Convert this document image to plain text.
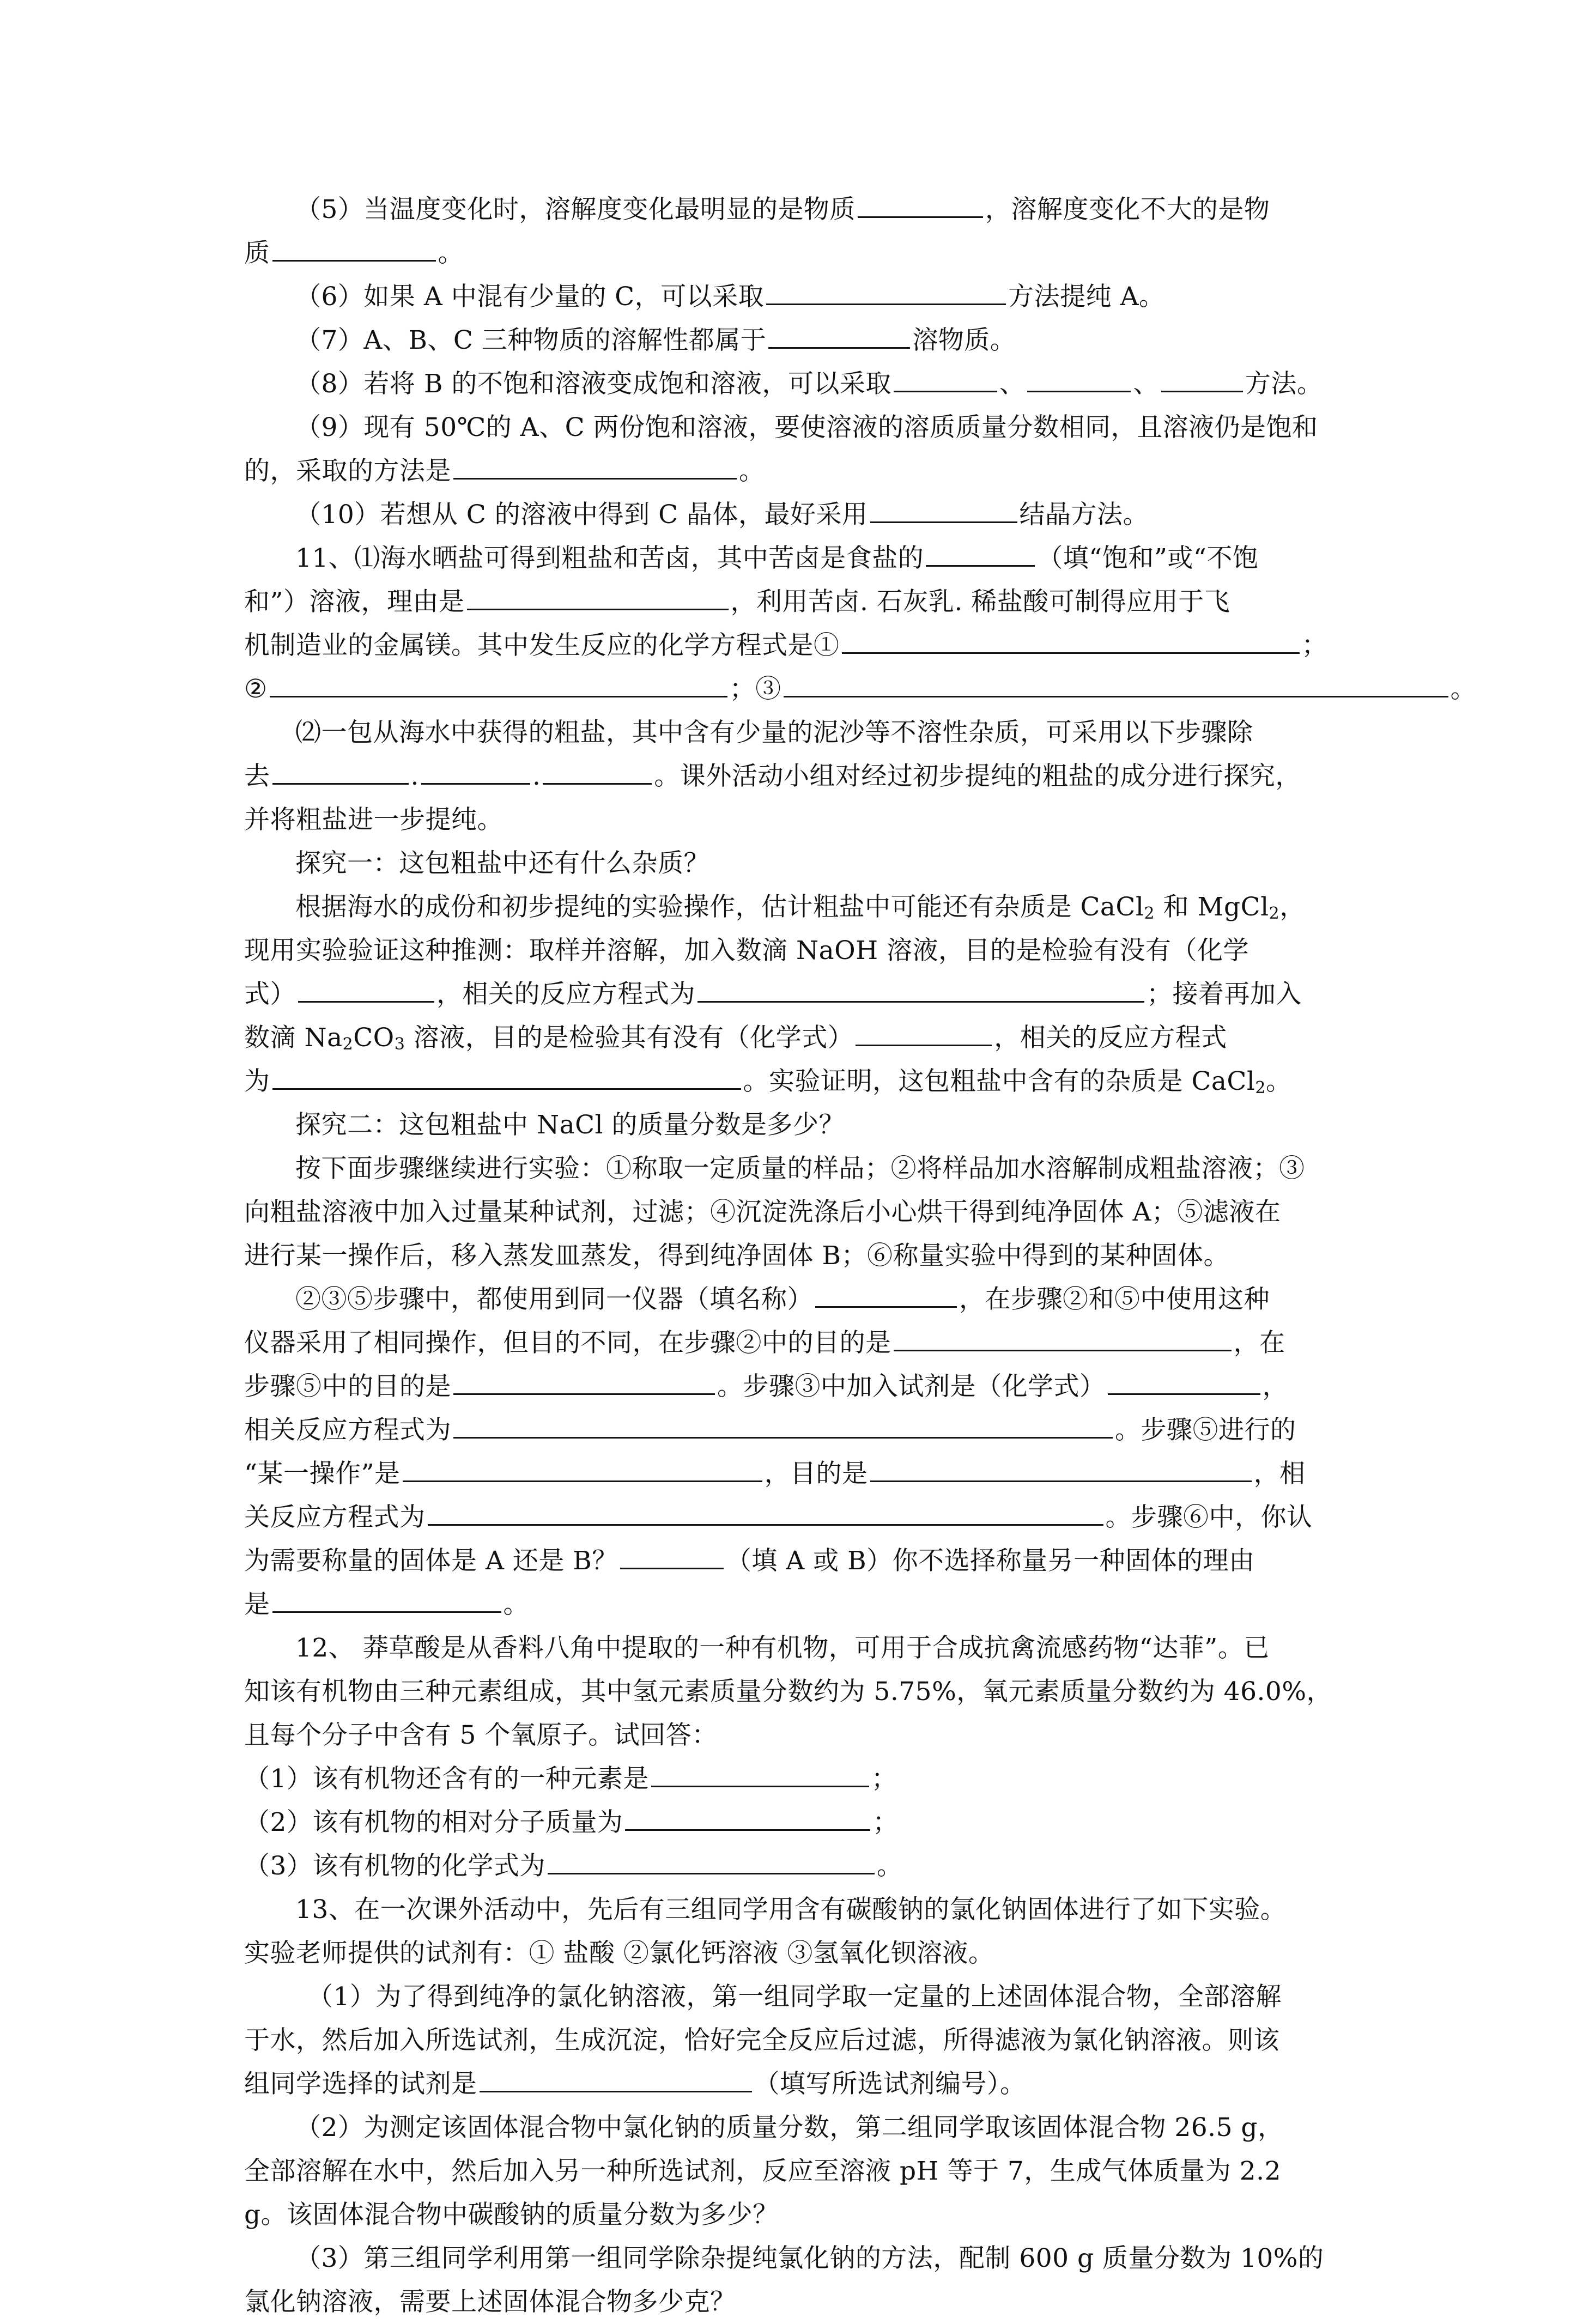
（5）当温度变化时，溶解度变化最明显的是物质	，溶解度变化不大的是物
质	。
（6）如果 A 中混有少量的 C，可以采取	方法提纯 A。
（7）A、B、C 三种物质的溶解性都属于	溶物质。
（8）若将 B 的不饱和溶液变成饱和溶液，可以采取	、	、	方法。
（9）现有 50℃的 A、C 两份饱和溶液，要使溶液的溶质质量分数相同，且溶液仍是饱和
的，采取的方法是	。
（10）若想从 C 的溶液中得到 C 晶体，最好采用	结晶方法。
11、⑴海水晒盐可得到粗盐和苦卤，其中苦卤是食盐的	（填“饱和”或“不饱
和”）溶液，理由是	，利用苦卤. 石灰乳. 稀盐酸可制得应用于飞
机制造业的金属镁。其中发生反应的化学方程式是①	；
②	；③	。
⑵一包从海水中获得的粗盐，其中含有少量的泥沙等不溶性杂质，可采用以下步骤除
去	.	.	。课外活动小组对经过初步提纯的粗盐的成分进行探究，
并将粗盐进一步提纯。
探究一：这包粗盐中还有什么杂质？
根据海水的成份和初步提纯的实验操作，估计粗盐中可能还有杂质是 CaCl$_2$ 和 MgCl$_2$，
现用实验验证这种推测：取样并溶解，加入数滴 NaOH 溶液，目的是检验有没有（化学
式）	，相关的反应方程式为	；接着再加入
数滴 $Na_2CO_3$ 溶液，目的是检验其有没有（化学式）	，相关的反应方程式
为	。实验证明，这包粗盐中含有的杂质是 CaCl$_2$。
探究二：这包粗盐中 NaCl 的质量分数是多少？
按下面步骤继续进行实验：①称取一定质量的样品；②将样品加水溶解制成粗盐溶液；③
向粗盐溶液中加入过量某种试剂，过滤；④沉淀洗涤后小心烘干得到纯净固体 A；⑤滤液在
进行某一操作后，移入蒸发皿蒸发，得到纯净固体 B；⑥称量实验中得到的某种固体。
②③⑤步骤中，都使用到同一仪器（填名称）	，在步骤②和⑤中使用这种
仪器采用了相同操作，但目的不同，在步骤②中的目的是	，在
步骤⑤中的目的是	。步骤③中加入试剂是（化学式）	，
相关反应方程式为	。步骤⑤进行的
“某一操作”是	，目的是	，相
关反应方程式为	。步骤⑥中，你认
为需要称量的固体是 A 还是 B？	（填 A 或 B）你不选择称量另一种固体的理由
是	。
12、 莽草酸是从香料八角中提取的一种有机物，可用于合成抗禽流感药物“达菲”。已
知该有机物由三种元素组成，其中氢元素质量分数约为 5.75%，氧元素质量分数约为 46.0%，
且每个分子中含有 5 个氧原子。试回答：
（1）该有机物还含有的一种元素是	；
（2）该有机物的相对分子质量为	；
（3）该有机物的化学式为	。
13、在一次课外活动中，先后有三组同学用含有碳酸钠的氯化钠固体进行了如下实验。
实验老师提供的试剂有：① 盐酸 ②氯化钙溶液 ③氢氧化钡溶液。
（1）为了得到纯净的氯化钠溶液，第一组同学取一定量的上述固体混合物，全部溶解
于水，然后加入所选试剂，生成沉淀，恰好完全反应后过滤，所得滤液为氯化钠溶液。则该
组同学选择的试剂是	（填写所选试剂编号）。
（2）为测定该固体混合物中氯化钠的质量分数，第二组同学取该固体混合物 26.5 g，
全部溶解在水中，然后加入另一种所选试剂，反应至溶液 pH 等于 7，生成气体质量为 2.2
g。该固体混合物中碳酸钠的质量分数为多少？
（3）第三组同学利用第一组同学除杂提纯氯化钠的方法，配制 600 g 质量分数为 10%的
氯化钠溶液，需要上述固体混合物多少克？
